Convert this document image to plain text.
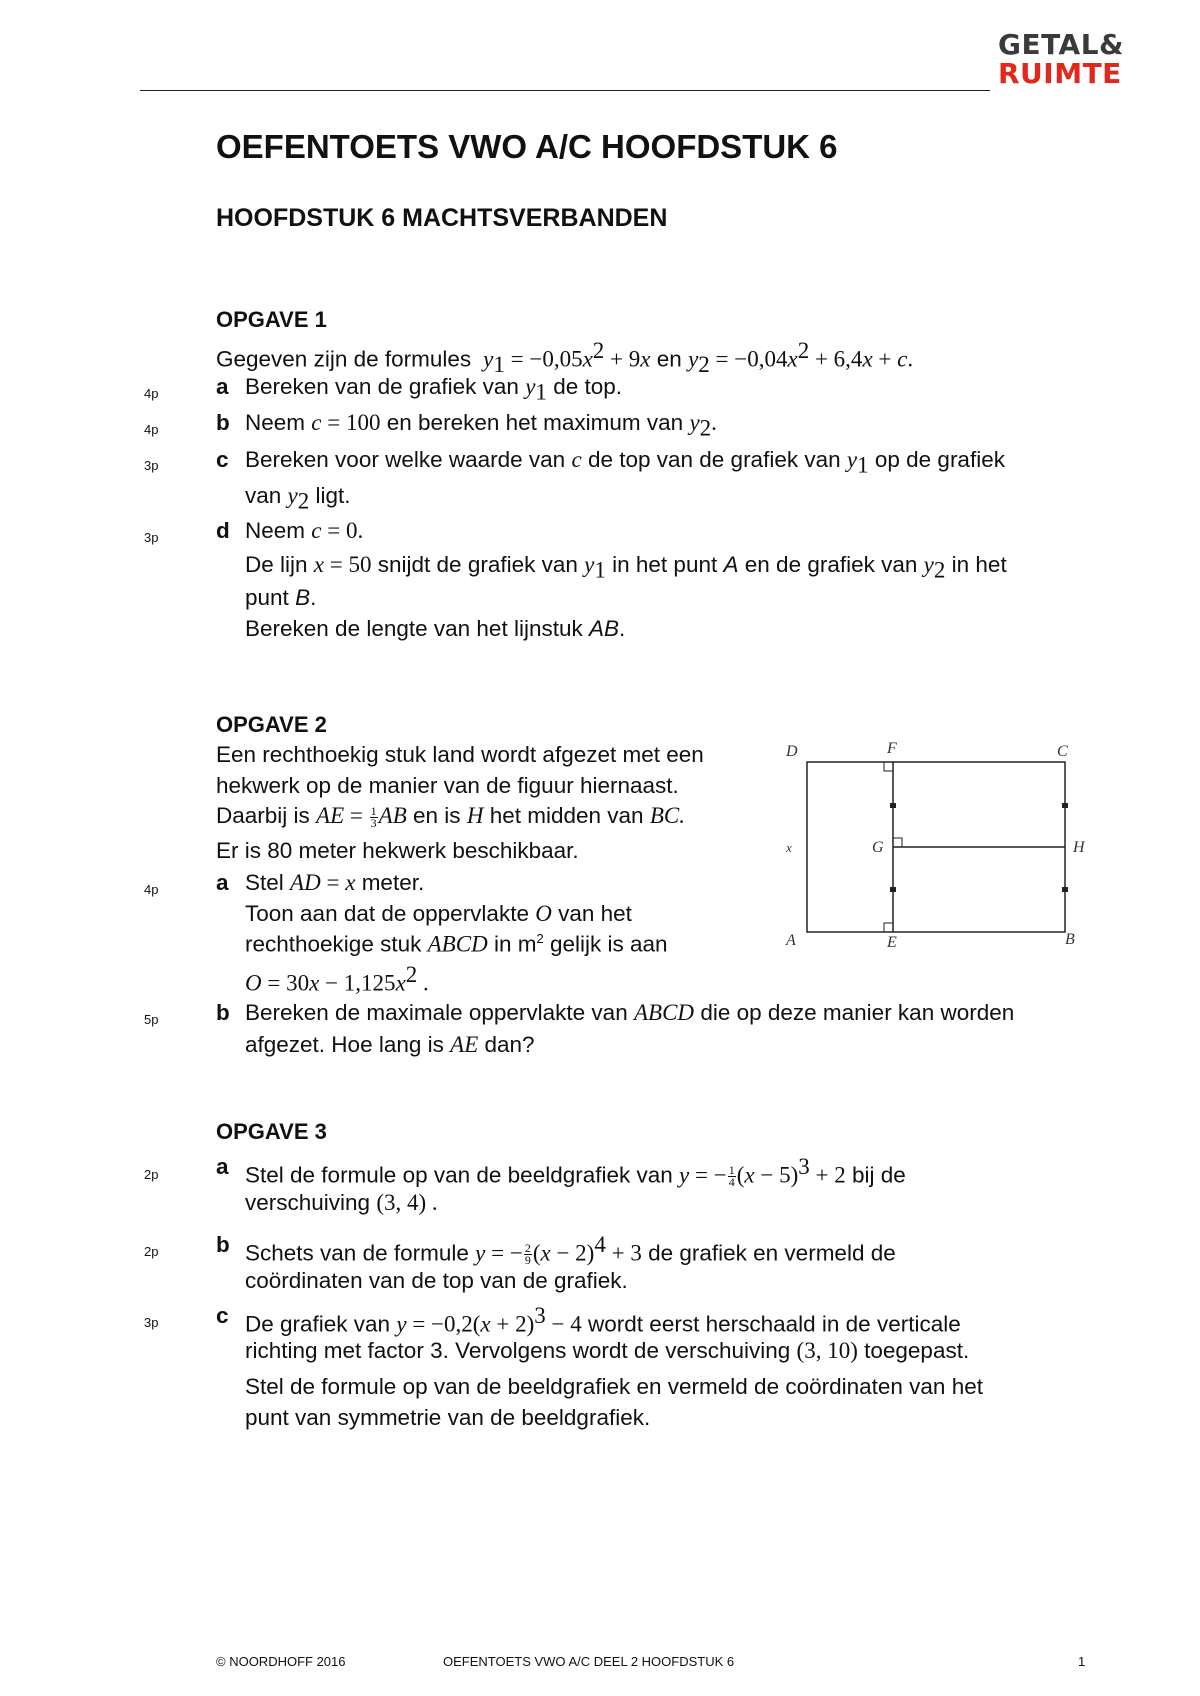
GETAL&
RUIMTE
OEFENTOETS VWO A/C HOOFDSTUK 6
HOOFDSTUK 6 MACHTSVERBANDEN
OPGAVE 1
Gegeven zijn de formules  $y_1 = -0,05x^2 + 9x$ en $y_2 = -0,04x^2 + 6,4x + c$.
4p	a Bereken van de grafiek van $y_1$ de top.
4p	b Neem c = 100 en bereken het maximum van $y_2$.
3p	c Bereken voor welke waarde van c de top van de grafiek van $y_1$ op de grafiek
van $y_2$ ligt.
3p	d Neem c = 0.
De lijn x = 50 snijdt de grafiek van $y_1$ in het punt A en de grafiek van $y_2$ in het
punt B.
Bereken de lengte van het lijnstuk AB.
OPGAVE 2
Een rechthoekig stuk land wordt afgezet met een
hekwerk op de manier van de figuur hiernaast.
Daarbij is AE = $\frac{1}{3}$ AB en is H het midden van BC.
Er is 80 meter hekwerk beschikbaar.
4p	a Stel AD = x meter.
Toon aan dat de oppervlakte O van het
rechthoekige stuk ABCD in $m^2$ gelijk is aan
$O = 30x - 1,125x^2$ .
5p	b Bereken de maximale oppervlakte van ABCD die op deze manier kan worden
afgezet. Hoe lang is AE dan?
D	F	C
x	G	H
A	E	B
OPGAVE 3
2p	a Stel de formule op van de beeldgrafiek van y = − $\frac{1}{4} (x - 5)^3 + 2$ bij de
verschuiving (3, 4) .
2p	b Schets van de formule y = − $\frac{2}{9} (x - 2)^4 + 3$ de grafiek en vermeld de
coördinaten van de top van de grafiek.
3p	c De grafiek van $y = -0,2(x + 2)^3 - 4$ wordt eerst herschaald in de verticale
richting met factor 3. Vervolgens wordt de verschuiving (3, 10) toegepast.
Stel de formule op van de beeldgrafiek en vermeld de coördinaten van het
punt van symmetrie van de beeldgrafiek.
© NOORDHOFF 2016	OEFENTOETS VWO A/C DEEL 2 HOOFDSTUK 6	1
